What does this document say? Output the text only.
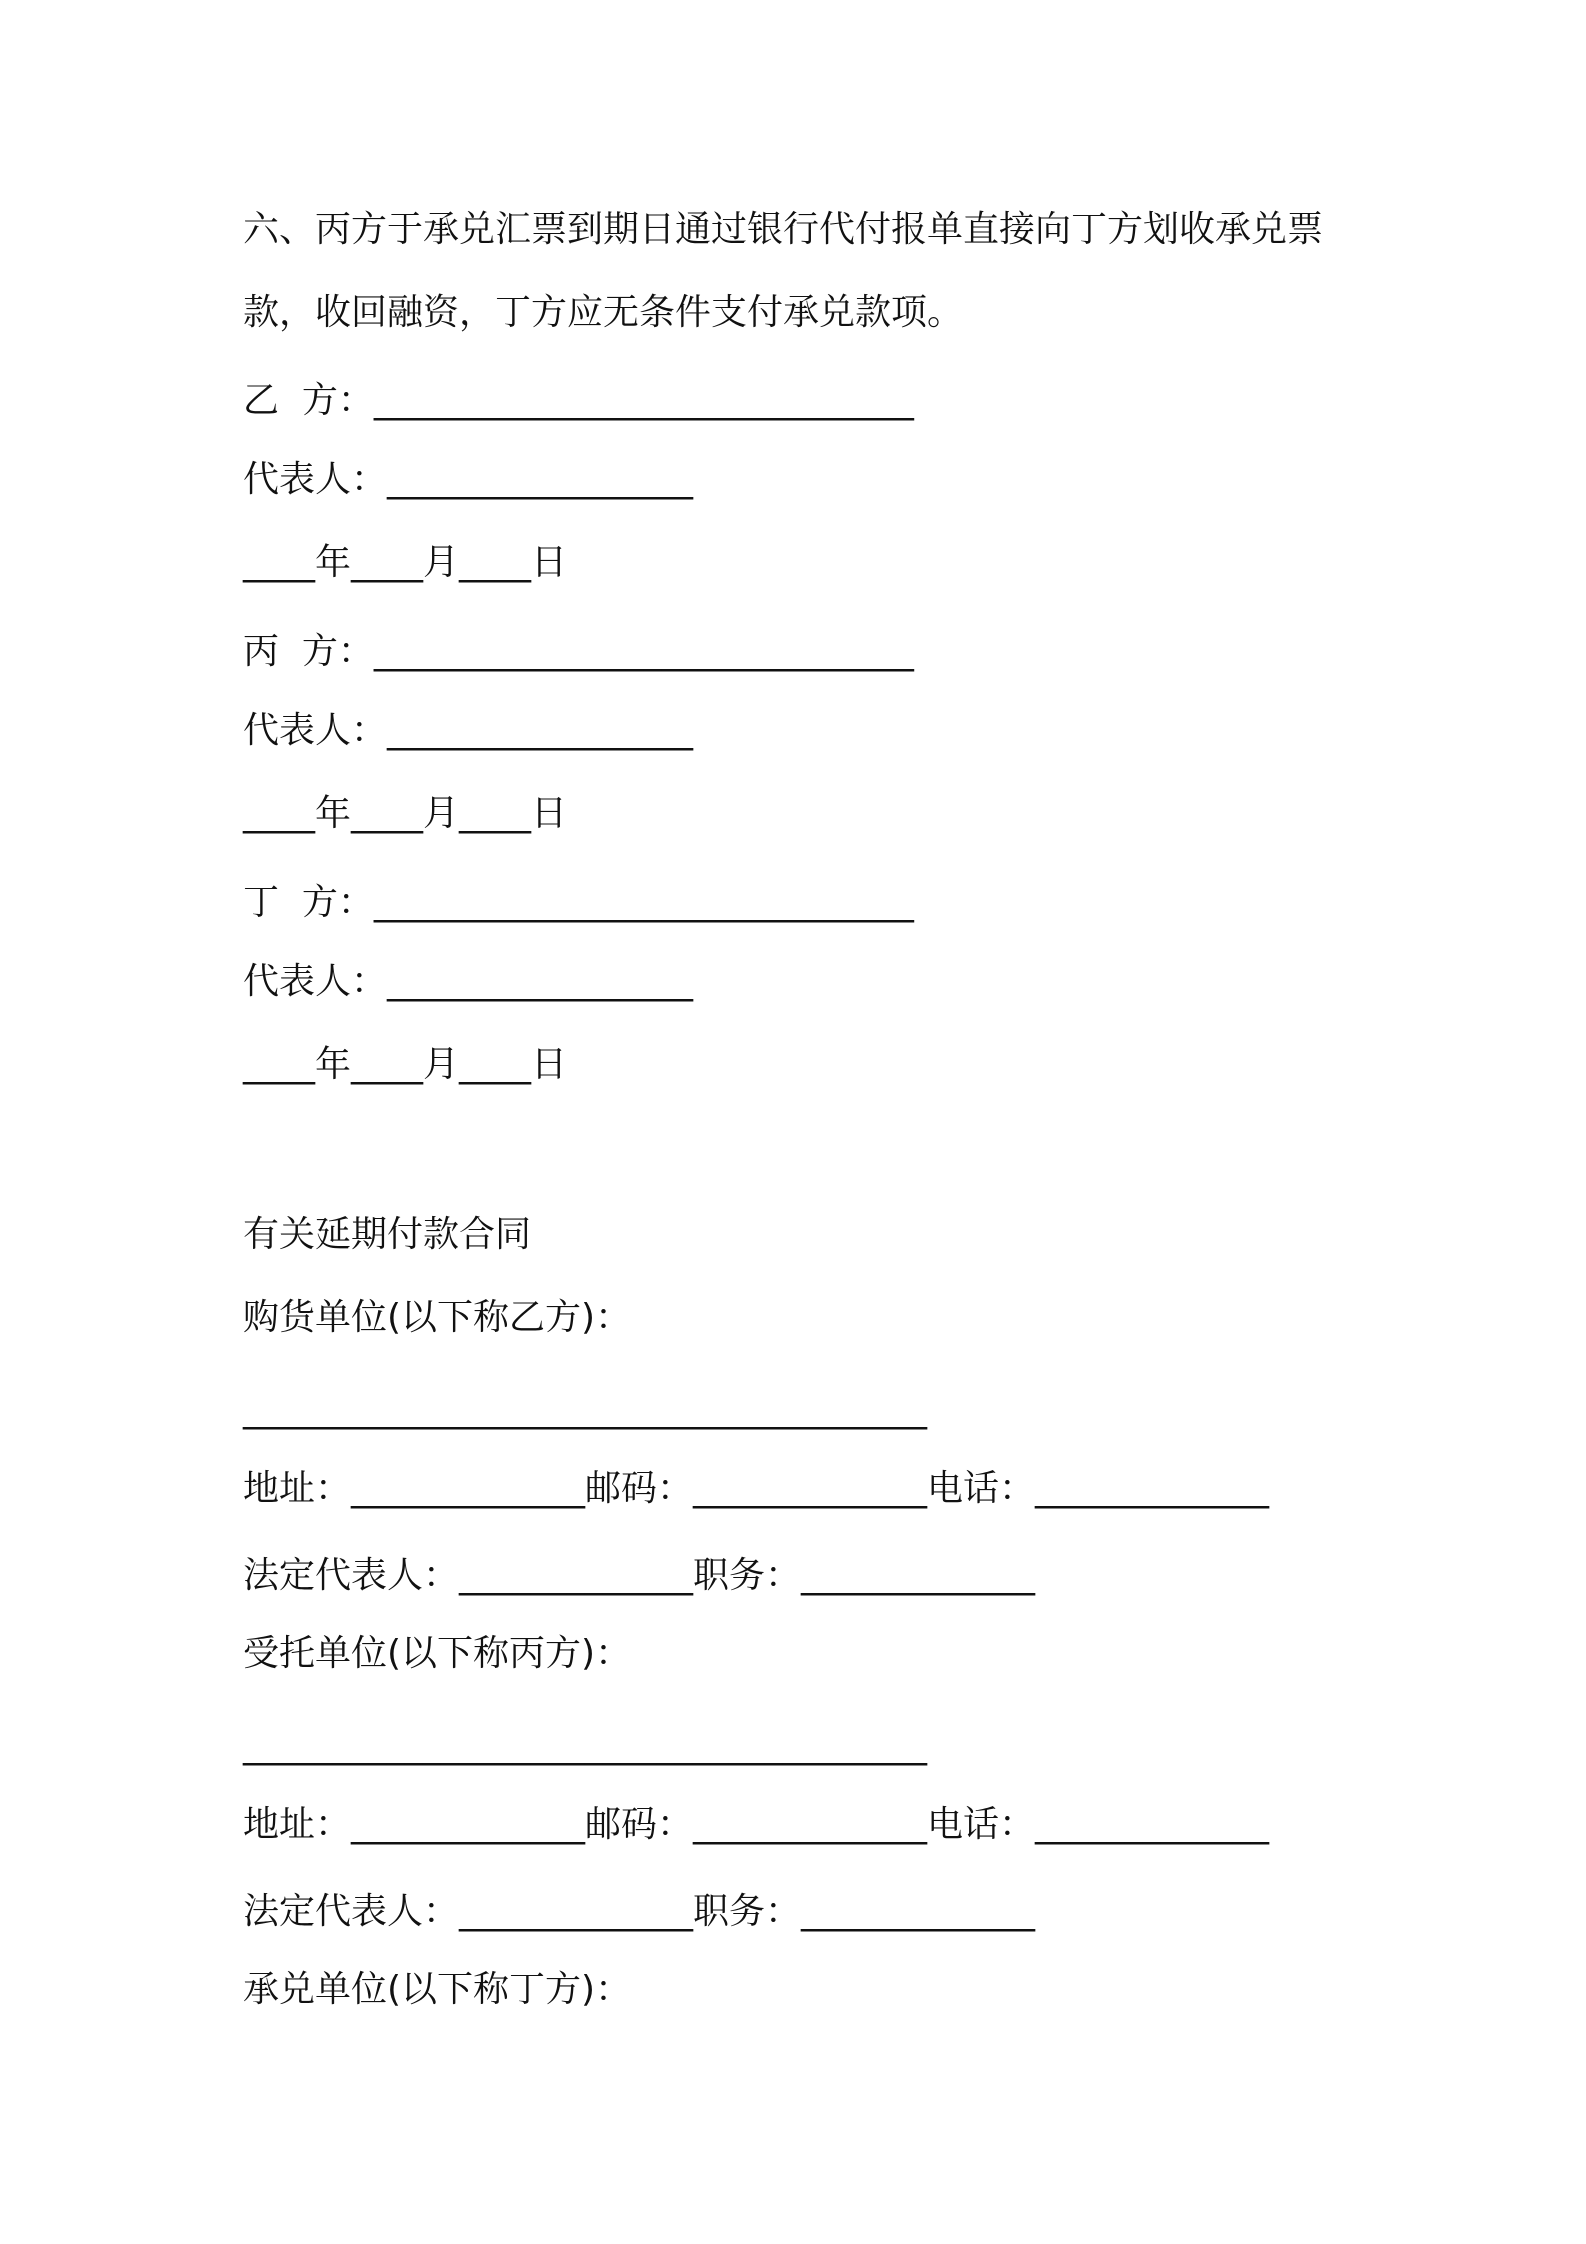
六、丙方于承兑汇票到期日通过银行代付报单直接向丁方划收承兑票

款，收回融资，丁方应无条件支付承兑款项。

乙  方：______________________________

代表人：_________________

____年____月____日

丙  方：______________________________

代表人：_________________

____年____月____日

丁  方：______________________________

代表人：_________________

____年____月____日

有关延期付款合同

购货单位(以下称乙方)：

______________________________________

地址：_____________邮码：_____________电话：_____________

法定代表人：_____________职务：_____________

受托单位(以下称丙方)：

______________________________________

地址：_____________邮码：_____________电话：_____________

法定代表人：_____________职务：_____________

承兑单位(以下称丁方)：
